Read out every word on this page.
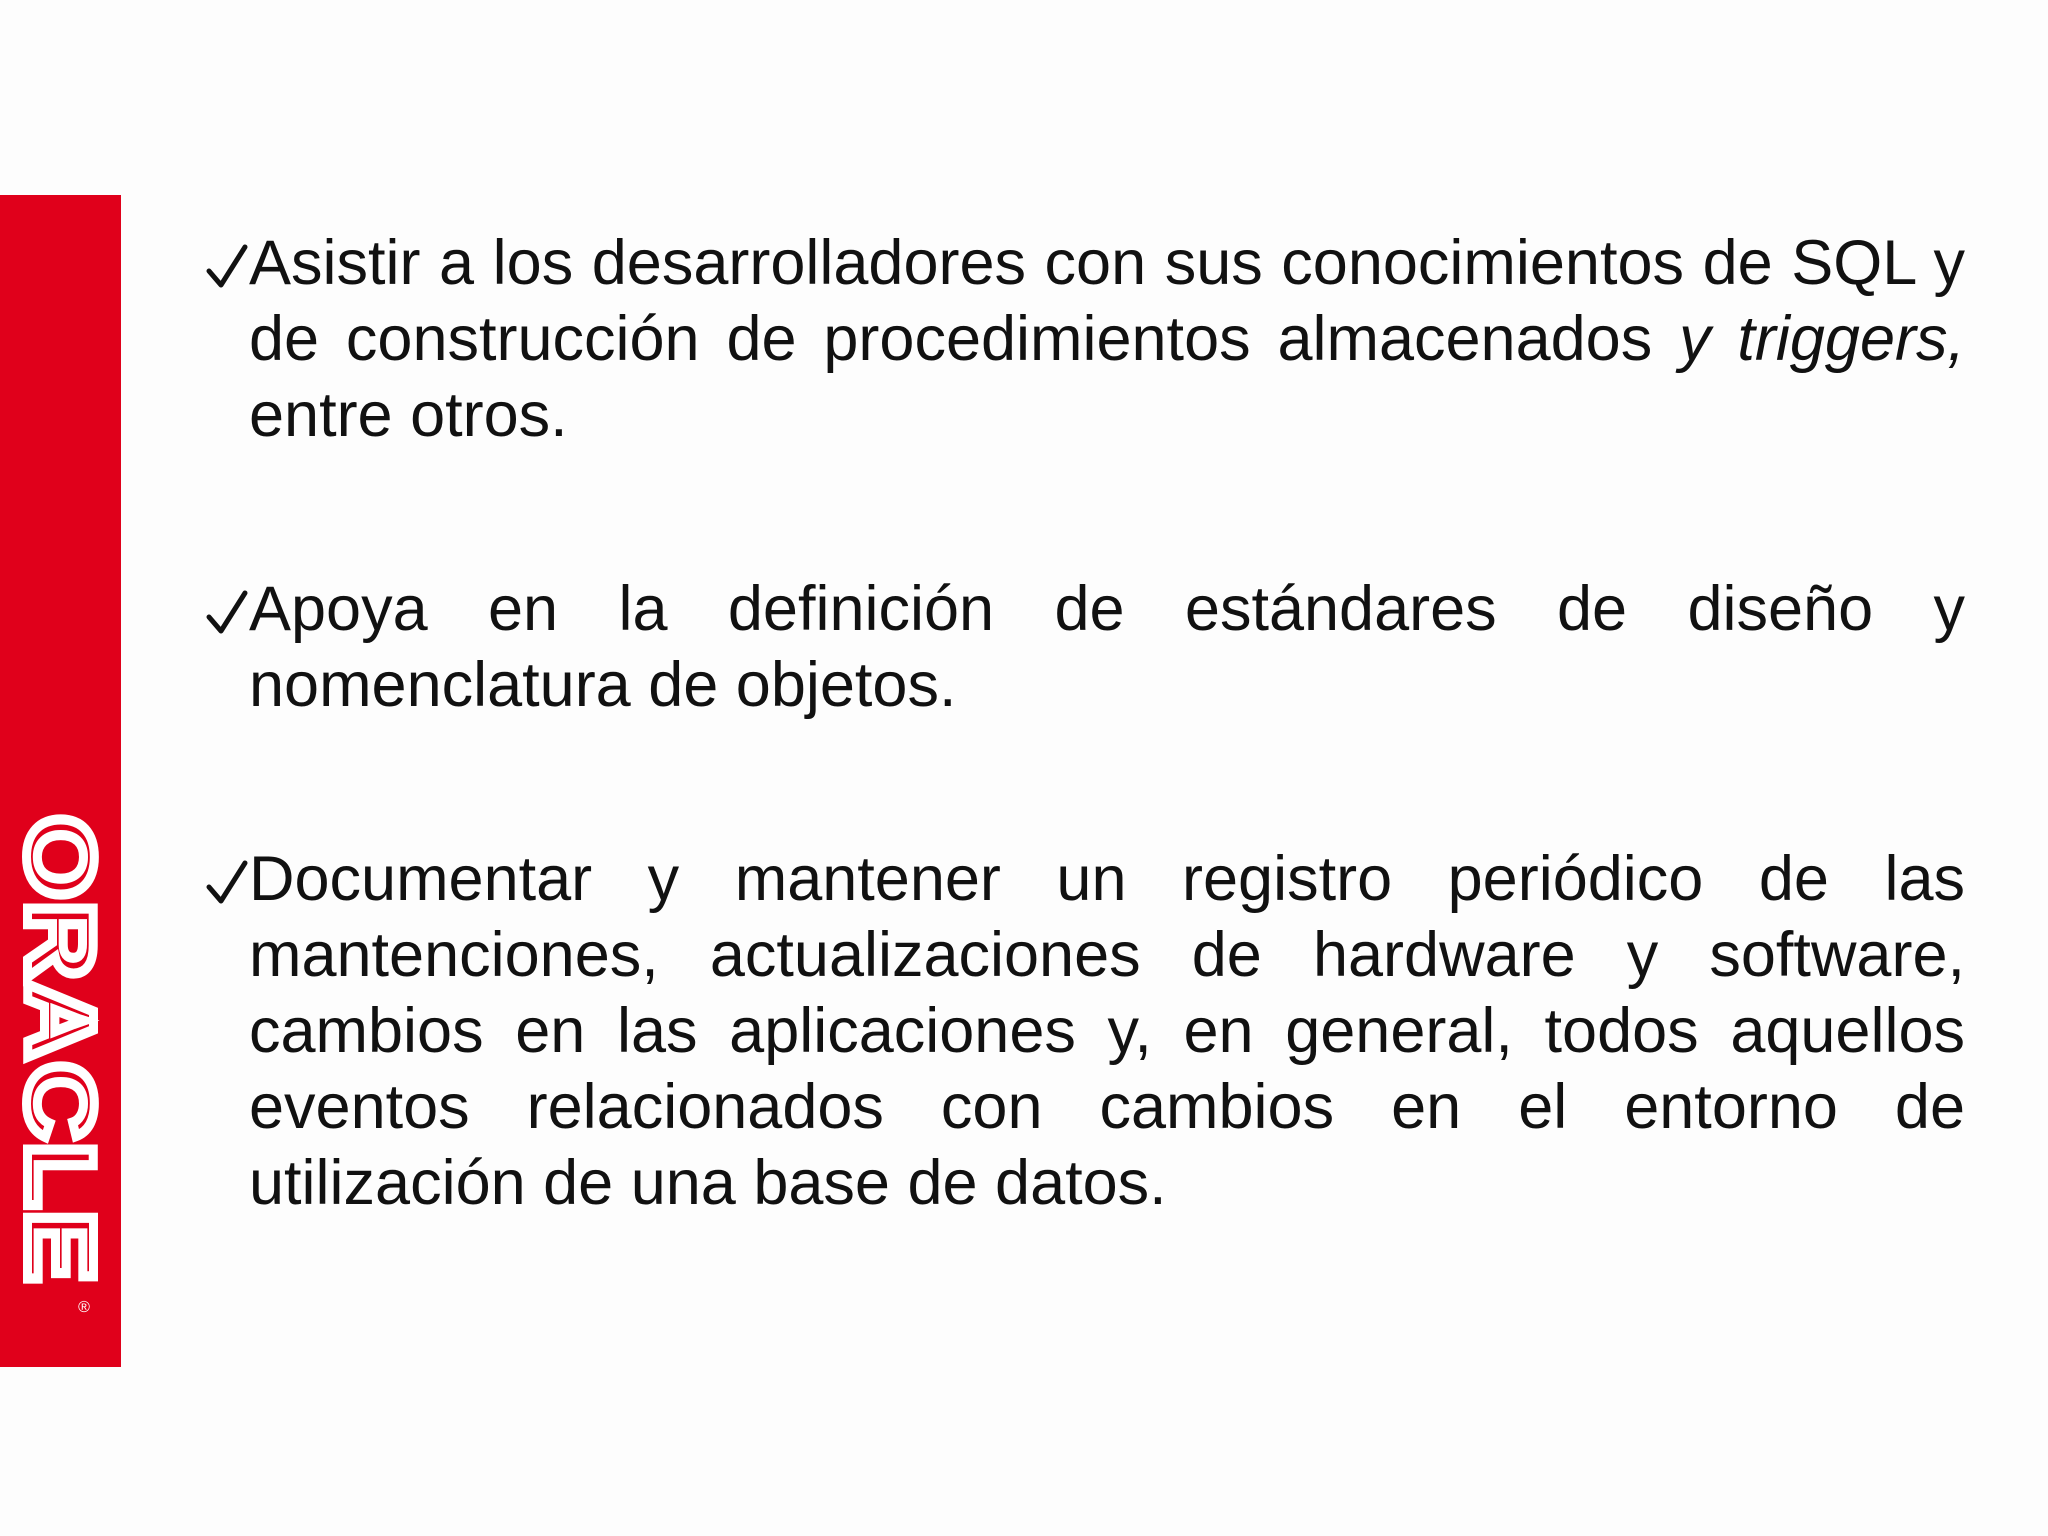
ORACLE
®

Asistir a los desarrolladores con sus conocimientos de SQL y de construcción de procedimientos almacenados y triggers, entre otros.

Apoya en la definición de estándares de diseño y nomenclatura de objetos.

Documentar y mantener un registro periódico de las mantenciones, actualizaciones de hardware y software, cambios en las aplicaciones y, en general, todos aquellos eventos relacionados con cambios en el entorno de utilización de una base de datos.
